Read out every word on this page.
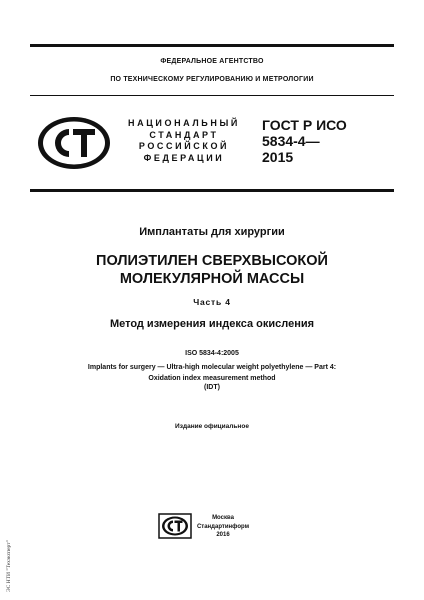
ФЕДЕРАЛЬНОЕ АГЕНТСТВО
ПО ТЕХНИЧЕСКОМУ РЕГУЛИРОВАНИЮ И МЕТРОЛОГИИ
НАЦИОНАЛЬНЫЙ
СТАНДАРТ
РОССИЙСКОЙ
ФЕДЕРАЦИИ
ГОСТ Р ИСО
5834-4—
2015
Имплантаты для хирургии
ПОЛИЭТИЛЕН СВЕРХВЫСОКОЙ
МОЛЕКУЛЯРНОЙ МАССЫ
Часть 4
Метод измерения индекса окисления
ISO 5834-4:2005
Implants for surgery — Ultra-high molecular weight polyethylene — Part 4:
Oxidation index measurement method
(IDT)
Издание официальное
Москва
Стандартинформ
2016
ЭС НТИ "Техэксперт"
